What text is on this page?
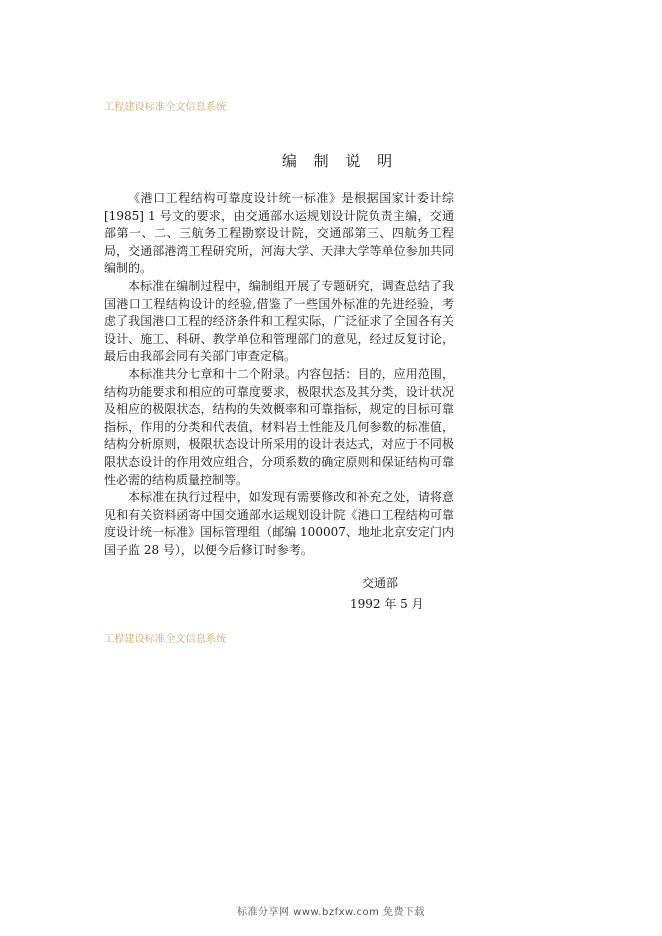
工程建设标准全文信息系统
编 制 说 明

《港口工程结构可靠度设计统一标准》是根据国家计委计综[1985] 1 号文的要求，由交通部水运规划设计院负责主编，交通部第一、二、三航务工程勘察设计院，交通部第三、四航务工程局，交通部港湾工程研究所，河海大学、天津大学等单位参加共同编制的。

本标准在编制过程中，编制组开展了专题研究，调查总结了我国港口工程结构设计的经验,借鉴了一些国外标准的先进经验，考虑了我国港口工程的经济条件和工程实际，广泛征求了全国各有关设计、施工、科研、教学单位和管理部门的意见，经过反复讨论，最后由我部会同有关部门审查定稿。

本标准共分七章和十二个附录。内容包括：目的，应用范围，结构功能要求和相应的可靠度要求，极限状态及其分类，设计状况及相应的极限状态，结构的失效概率和可靠指标，规定的目标可靠指标，作用的分类和代表值，材料岩土性能及几何参数的标准值，结构分析原则，极限状态设计所采用的设计表达式，对应于不同极限状态设计的作用效应组合，分项系数的确定原则和保证结构可靠性必需的结构质量控制等。

本标准在执行过程中，如发现有需要修改和补充之处，请将意见和有关资料函寄中国交通部水运规划设计院《港口工程结构可靠度设计统一标准》国标管理组（邮编 100007、地址北京安定门内国子监 28 号），以便今后修订时参考。

交通部
1992 年 5 月
工程建设标准全文信息系统
标准分享网 www.bzfxw.com 免费下载
